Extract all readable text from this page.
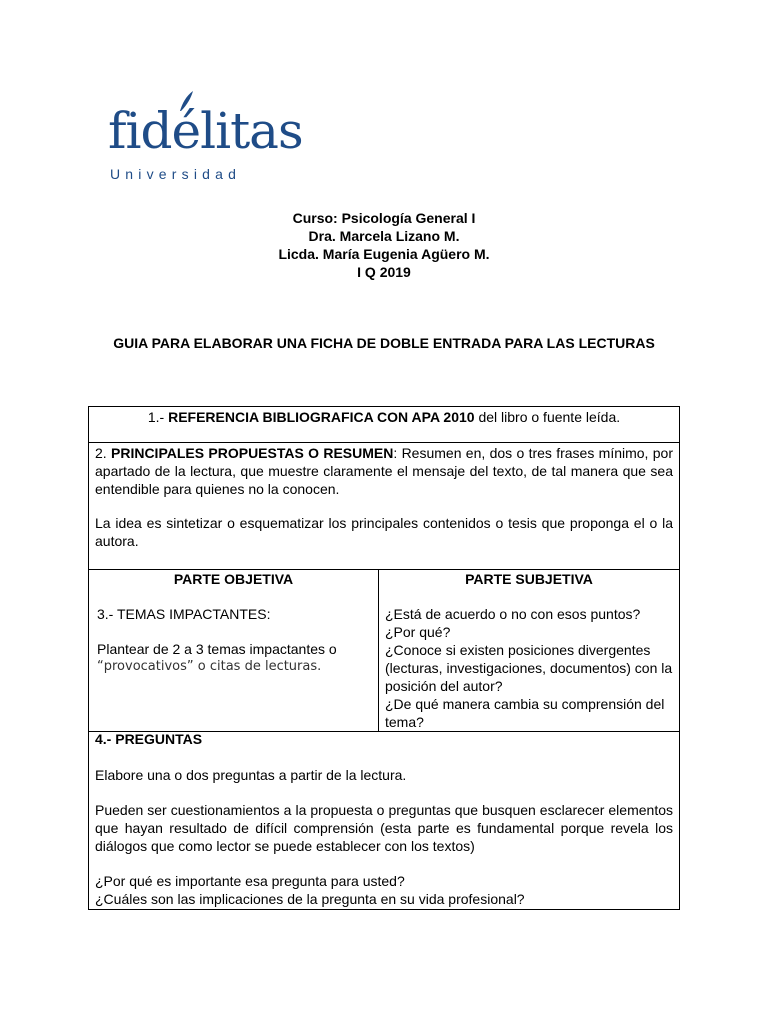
fidélitas
Universidad
Curso: Psicología General I
Dra. Marcela Lizano M.
Licda. María Eugenia Agüero M.
I Q 2019
GUIA PARA ELABORAR UNA FICHA DE DOBLE ENTRADA PARA LAS LECTURAS
1.- REFERENCIA BIBLIOGRAFICA CON APA 2010 del libro o fuente leída.

2. PRINCIPALES PROPUESTAS O RESUMEN: Resumen en, dos o tres frases mínimo, por apartado de la lectura, que muestre claramente el mensaje del texto, de tal manera que sea entendible para quienes no la conocen.

La idea es sintetizar o esquematizar los principales contenidos o tesis que proponga el o la autora.

PARTE OBJETIVA

3.- TEMAS IMPACTANTES:

Plantear de 2 a 3 temas impactantes o

“provocativos” o citas de lecturas.

PARTE SUBJETIVA

¿Está de acuerdo o no con esos puntos?

¿Por qué?

¿Conoce si existen posiciones divergentes (lecturas, investigaciones, documentos) con la posición del autor?

¿De qué manera cambia su comprensión del tema?

4.- PREGUNTAS

Elabore una o dos preguntas a partir de la lectura.

Pueden ser cuestionamientos a la propuesta o preguntas que busquen esclarecer elementos que hayan resultado de difícil comprensión (esta parte es fundamental porque revela los diálogos que como lector se puede establecer con los textos)

¿Por qué es importante esa pregunta para usted?

¿Cuáles son las implicaciones de la pregunta en su vida profesional?
